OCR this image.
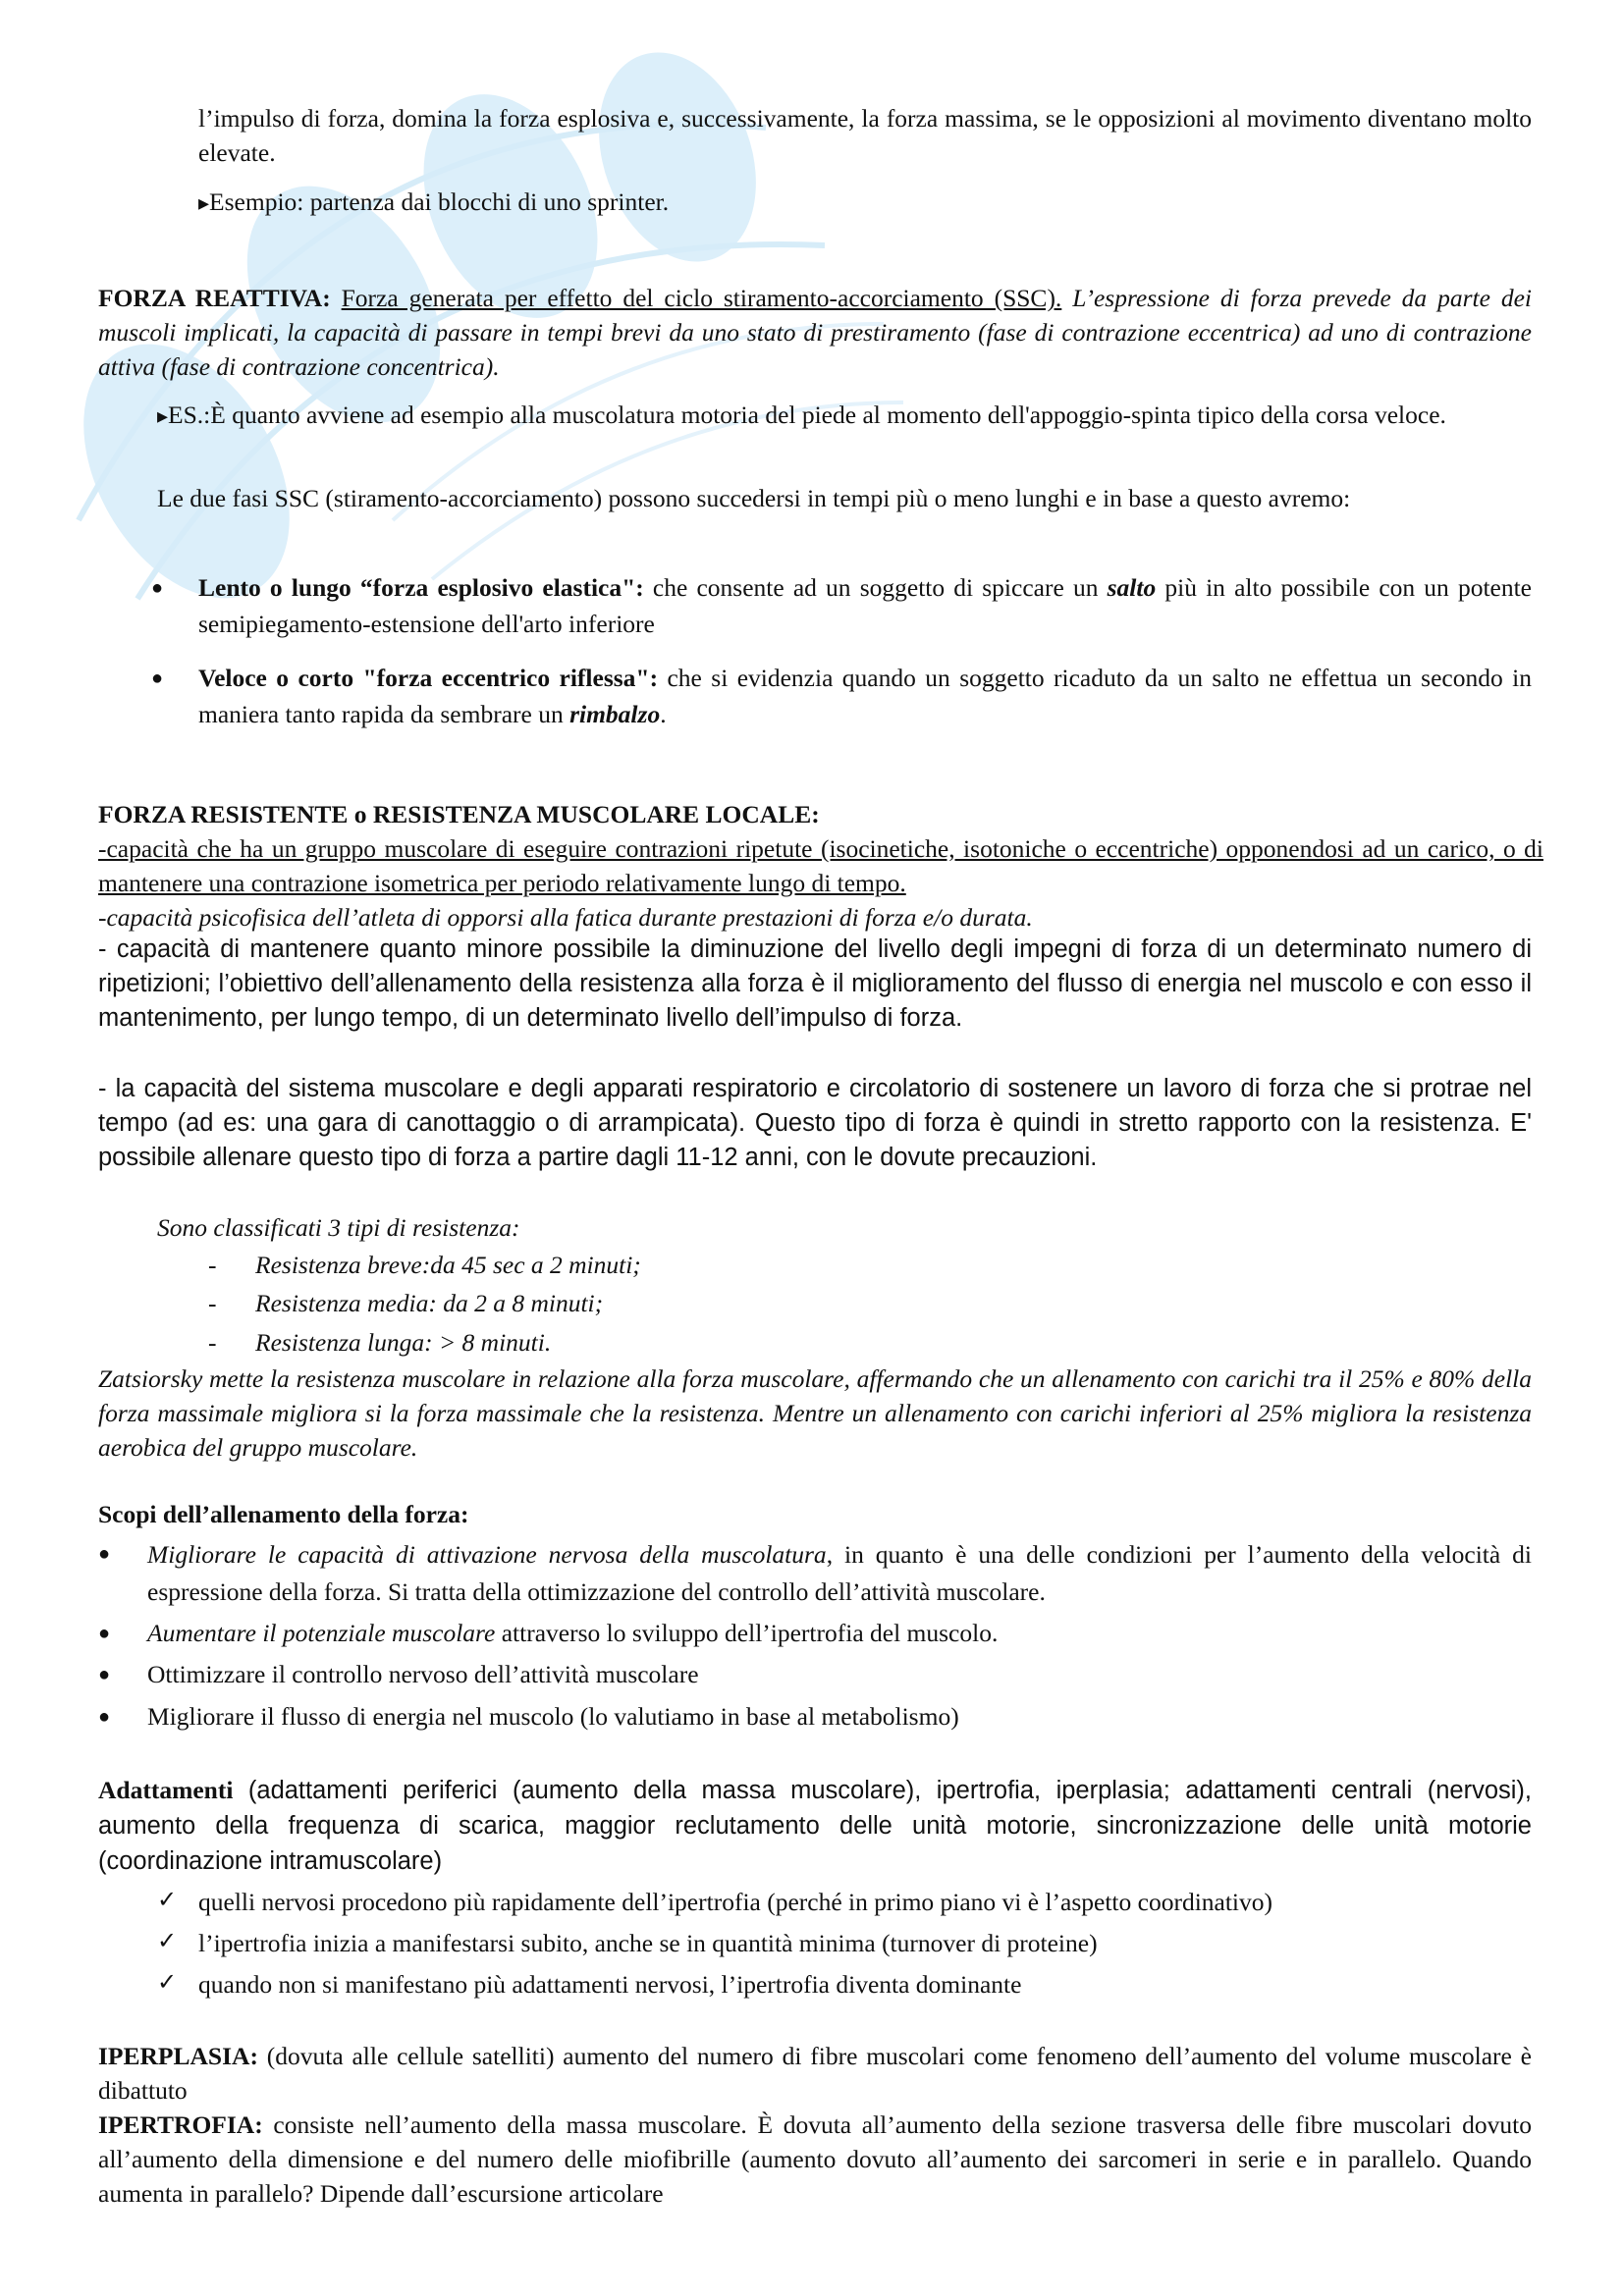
l’impulso di forza, domina la forza esplosiva e, successivamente, la forza massima, se le opposizioni al movimento diventano molto elevate.

▸Esempio: partenza dai blocchi di uno sprinter.

FORZA REATTIVA: Forza generata per effetto del ciclo stiramento-accorciamento (SSC). L’espressione di forza prevede da parte dei muscoli implicati, la capacità di passare in tempi brevi da uno stato di prestiramento (fase di contrazione eccentrica) ad uno di contrazione attiva (fase di contrazione concentrica).

▸ES.:È quanto avviene ad esempio alla muscolatura motoria del piede al momento dell'appoggio-spinta tipico della corsa veloce.

Le due fasi SSC (stiramento-accorciamento) possono succedersi in tempi più o meno lunghi e in base a questo avremo:

● Lento o lungo “forza esplosivo elastica": che consente ad un soggetto di spiccare un salto più in alto possibile con un potente semipiegamento-estensione dell'arto inferiore

● Veloce o corto "forza eccentrico riflessa": che si evidenzia quando un soggetto ricaduto da un salto ne effettua un secondo in maniera tanto rapida da sembrare un rimbalzo.

FORZA RESISTENTE o RESISTENZA MUSCOLARE LOCALE:

-capacità che ha un gruppo muscolare di eseguire contrazioni ripetute (isocinetiche, isotoniche o eccentriche) opponendosi ad un carico, o di mantenere una contrazione isometrica per periodo relativamente lungo di tempo.

-capacità psicofisica dell’atleta di opporsi alla fatica durante prestazioni di forza e/o durata.

- capacità di mantenere quanto minore possibile la diminuzione del livello degli impegni di forza di un determinato numero di ripetizioni; l’obiettivo dell’allenamento della resistenza alla forza è il miglioramento del flusso di energia nel muscolo e con esso il mantenimento, per lungo tempo, di un determinato livello dell’impulso di forza.

- la capacità del sistema muscolare e degli apparati respiratorio e circolatorio di sostenere un lavoro di forza che si protrae nel tempo (ad es: una gara di canottaggio o di arrampicata). Questo tipo di forza è quindi in stretto rapporto con la resistenza. E' possibile allenare questo tipo di forza a partire dagli 11-12 anni, con le dovute precauzioni.

Sono classificati 3 tipi di resistenza:

- Resistenza breve:da 45 sec a 2 minuti;

- Resistenza media: da 2 a 8 minuti;

- Resistenza lunga: > 8 minuti.

Zatsiorsky mette la resistenza muscolare in relazione alla forza muscolare, affermando che un allenamento con carichi tra il 25% e 80% della forza massimale migliora si la forza massimale che la resistenza. Mentre un allenamento con carichi inferiori al 25% migliora la resistenza aerobica del gruppo muscolare.

Scopi dell’allenamento della forza:

● Migliorare le capacità di attivazione nervosa della muscolatura, in quanto è una delle condizioni per l’aumento della velocità di espressione della forza. Si tratta della ottimizzazione del controllo dell’attività muscolare.

● Aumentare il potenziale muscolare attraverso lo sviluppo dell’ipertrofia del muscolo.

● Ottimizzare il controllo nervoso dell’attività muscolare

● Migliorare il flusso di energia nel muscolo (lo valutiamo in base al metabolismo)

Adattamenti (adattamenti periferici (aumento della massa muscolare), ipertrofia, iperplasia; adattamenti centrali (nervosi), aumento della frequenza di scarica, maggior reclutamento delle unità motorie, sincronizzazione delle unità motorie (coordinazione intramuscolare)

✓ quelli nervosi procedono più rapidamente dell’ipertrofia (perché in primo piano vi è l’aspetto coordinativo)

✓ l’ipertrofia inizia a manifestarsi subito, anche se in quantità minima (turnover di proteine)

✓ quando non si manifestano più adattamenti nervosi, l’ipertrofia diventa dominante

IPERPLASIA: (dovuta alle cellule satelliti) aumento del numero di fibre muscolari come fenomeno dell’aumento del volume muscolare è dibattuto

IPERTROFIA: consiste nell’aumento della massa muscolare. È dovuta all’aumento della sezione trasversa delle fibre muscolari dovuto all’aumento della dimensione e del numero delle miofibrille (aumento dovuto all’aumento dei sarcomeri in serie e in parallelo. Quando aumenta in parallelo? Dipende dall’escursione articolare
